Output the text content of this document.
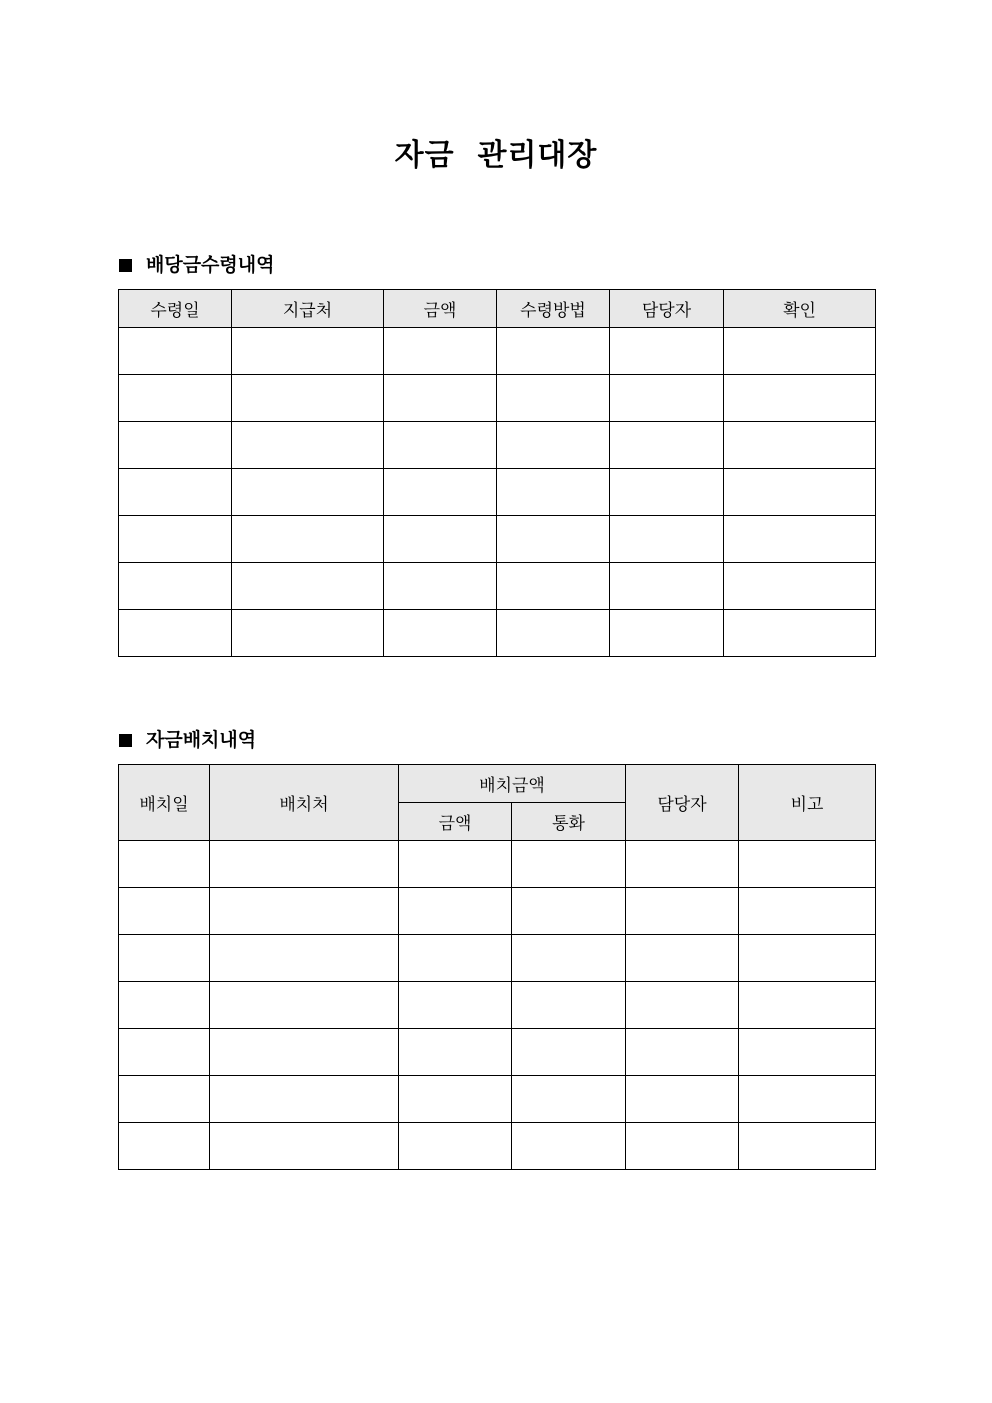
자금  관리대장
배당금수령내역
수령일	지급처	금액	수령방법	담당자	확인

자금배치내역
배치일	배치처	배치금액		담당자	비고
		금액	통화		
